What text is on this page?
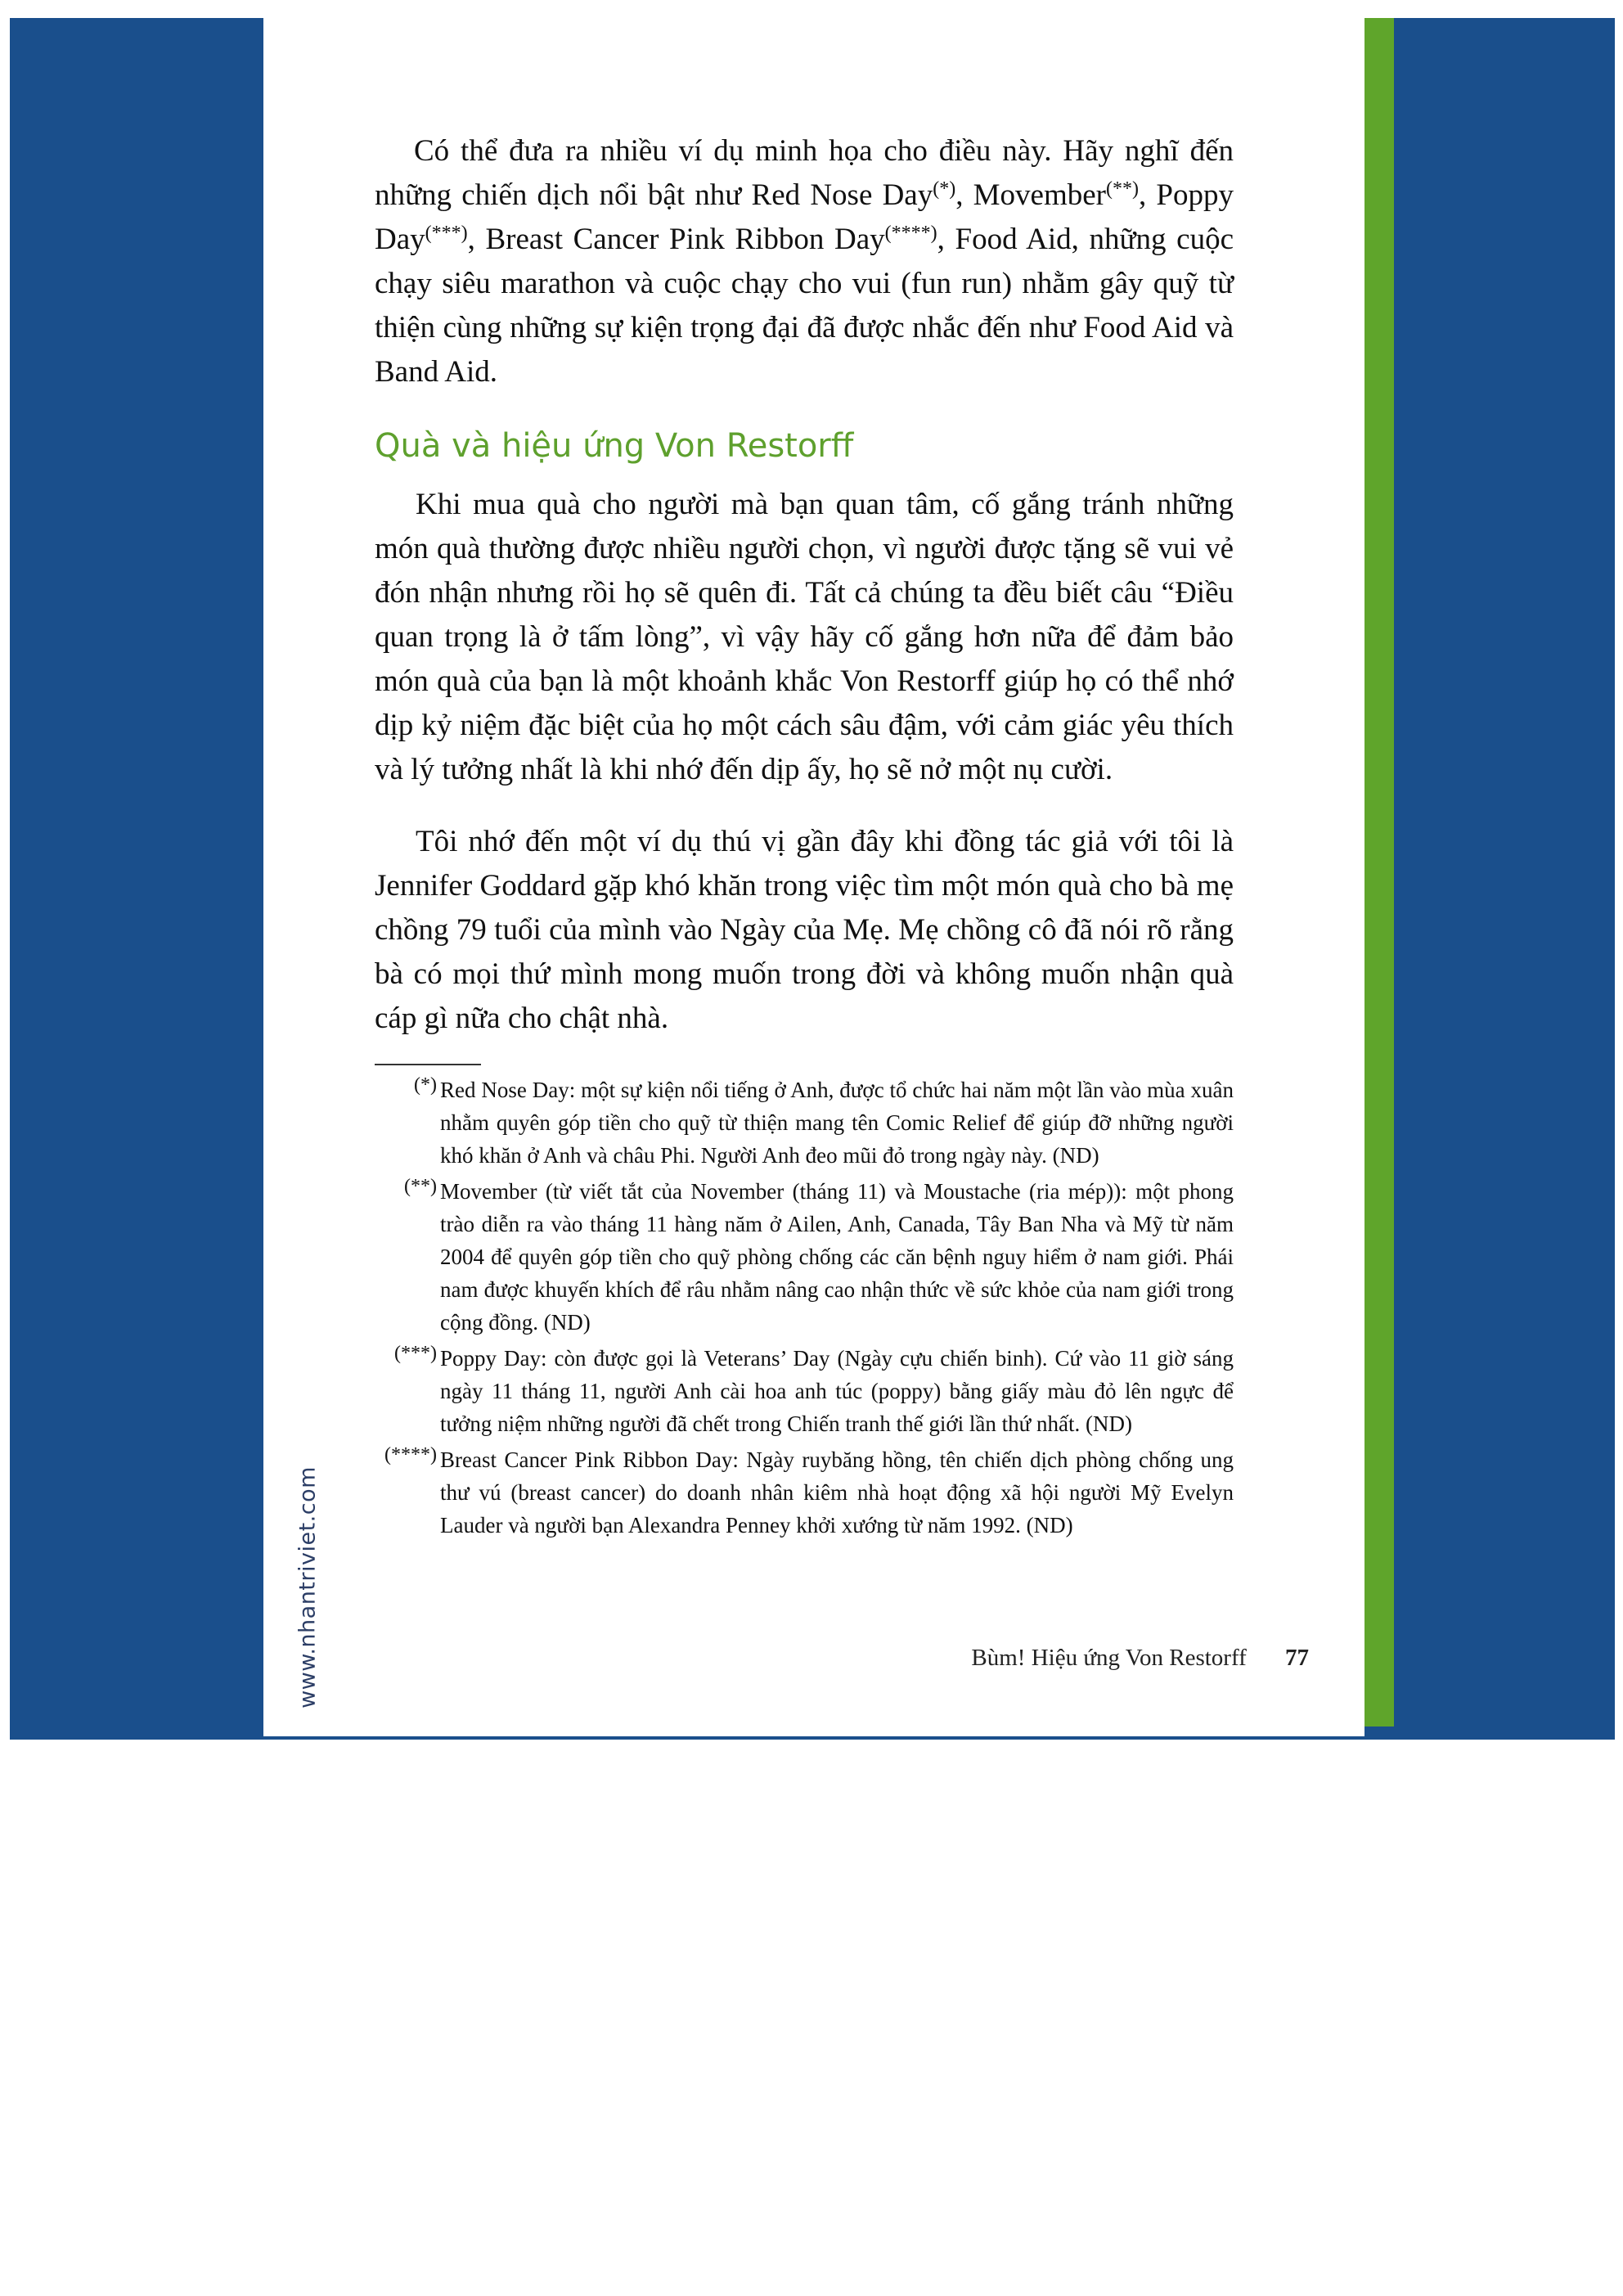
www.nhantriviet.com

Có thể đưa ra nhiều ví dụ minh họa cho điều này. Hãy nghĩ đến những chiến dịch nổi bật như Red Nose Day(*), Movember(**), Poppy Day(***), Breast Cancer Pink Ribbon Day(****), Food Aid, những cuộc chạy siêu marathon và cuộc chạy cho vui (fun run) nhằm gây quỹ từ thiện cùng những sự kiện trọng đại đã được nhắc đến như Food Aid và Band Aid.

Quà và hiệu ứng Von Restorff

Khi mua quà cho người mà bạn quan tâm, cố gắng tránh những món quà thường được nhiều người chọn, vì người được tặng sẽ vui vẻ đón nhận nhưng rồi họ sẽ quên đi. Tất cả chúng ta đều biết câu “Điều quan trọng là ở tấm lòng”, vì vậy hãy cố gắng hơn nữa để đảm bảo món quà của bạn là một khoảnh khắc Von Restorff giúp họ có thể nhớ dịp kỷ niệm đặc biệt của họ một cách sâu đậm, với cảm giác yêu thích và lý tưởng nhất là khi nhớ đến dịp ấy, họ sẽ nở một nụ cười.

Tôi nhớ đến một ví dụ thú vị gần đây khi đồng tác giả với tôi là Jennifer Goddard gặp khó khăn trong việc tìm một món quà cho bà mẹ chồng 79 tuổi của mình vào Ngày của Mẹ. Mẹ chồng cô đã nói rõ rằng bà có mọi thứ mình mong muốn trong đời và không muốn nhận quà cáp gì nữa cho chật nhà.

(*) Red Nose Day: một sự kiện nổi tiếng ở Anh, được tổ chức hai năm một lần vào mùa xuân nhằm quyên góp tiền cho quỹ từ thiện mang tên Comic Relief để giúp đỡ những người khó khăn ở Anh và châu Phi. Người Anh đeo mũi đỏ trong ngày này. (ND)
(**) Movember (từ viết tắt của November (tháng 11) và Moustache (ria mép)): một phong trào diễn ra vào tháng 11 hàng năm ở Ailen, Anh, Canada, Tây Ban Nha và Mỹ từ năm 2004 để quyên góp tiền cho quỹ phòng chống các căn bệnh nguy hiểm ở nam giới. Phái nam được khuyến khích để râu nhằm nâng cao nhận thức về sức khỏe của nam giới trong cộng đồng. (ND)
(***) Poppy Day: còn được gọi là Veterans’ Day (Ngày cựu chiến binh). Cứ vào 11 giờ sáng ngày 11 tháng 11, người Anh cài hoa anh túc (poppy) bằng giấy màu đỏ lên ngực để tưởng niệm những người đã chết trong Chiến tranh thế giới lần thứ nhất. (ND)
(****) Breast Cancer Pink Ribbon Day: Ngày ruybăng hồng, tên chiến dịch phòng chống ung thư vú (breast cancer) do doanh nhân kiêm nhà hoạt động xã hội người Mỹ Evelyn Lauder và người bạn Alexandra Penney khởi xướng từ năm 1992. (ND)
Bùm! Hiệu ứng Von Restorff 77
